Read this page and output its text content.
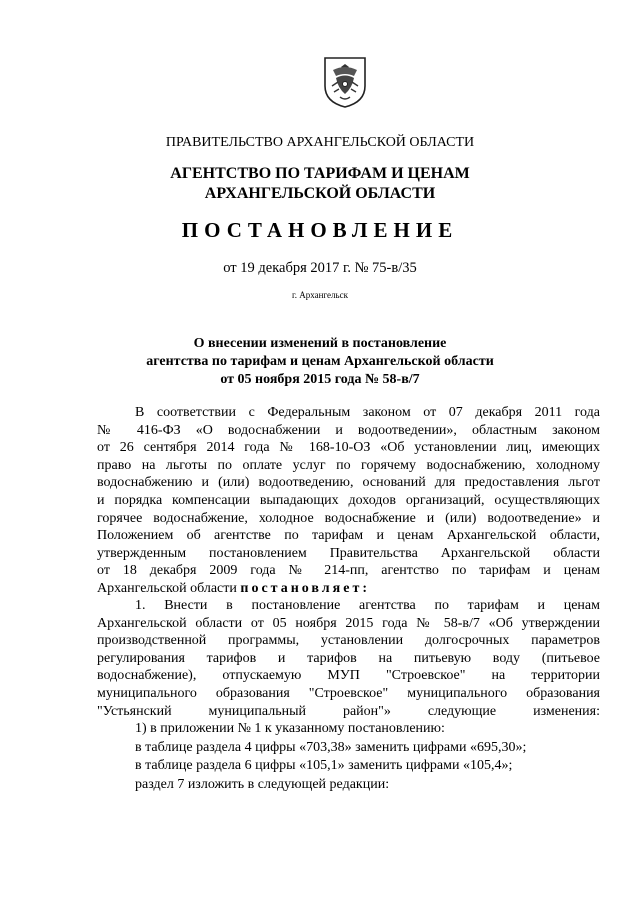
ПРАВИТЕЛЬСТВО АРХАНГЕЛЬСКОЙ ОБЛАСТИ
АГЕНТСТВО ПО ТАРИФАМ И ЦЕНАМ
АРХАНГЕЛЬСКОЙ ОБЛАСТИ
ПОСТАНОВЛЕНИЕ
от 19 декабря 2017 г. № 75-в/35
г. Архангельск
О внесении изменений в постановление
агентства по тарифам и ценам Архангельской области
от 05 ноября 2015 года № 58-в/7
В соответствии с Федеральным законом от 07 декабря 2011 года
№ 416-ФЗ «О водоснабжении и водоотведении», областным законом
от 26 сентября 2014 года № 168-10-ОЗ «Об установлении лиц, имеющих
право на льготы по оплате услуг по горячему водоснабжению, холодному
водоснабжению и (или) водоотведению, оснований для предоставления льгот
и порядка компенсации выпадающих доходов организаций, осуществляющих
горячее водоснабжение, холодное водоснабжение и (или) водоотведение» и
Положением об агентстве по тарифам и ценам Архангельской области,
утвержденным постановлением Правительства Архангельской области
от 18 декабря 2009 года № 214-пп, агентство по тарифам и ценам
Архангельской области постановляет:
1. Внести в постановление агентства по тарифам и ценам
Архангельской области от 05 ноября 2015 года № 58-в/7 «Об утверждении
производственной программы, установлении долгосрочных параметров
регулирования тарифов и тарифов на питьевую воду (питьевое
водоснабжение), отпускаемую МУП "Строевское" на территории
муниципального образования "Строевское" муниципального образования
"Устьянский муниципальный район"» следующие изменения:
1) в приложении № 1 к указанному постановлению:
в таблице раздела 4 цифры «703,38» заменить цифрами «695,30»;
в таблице раздела 6 цифры «105,1» заменить цифрами «105,4»;
раздел 7 изложить в следующей редакции:
